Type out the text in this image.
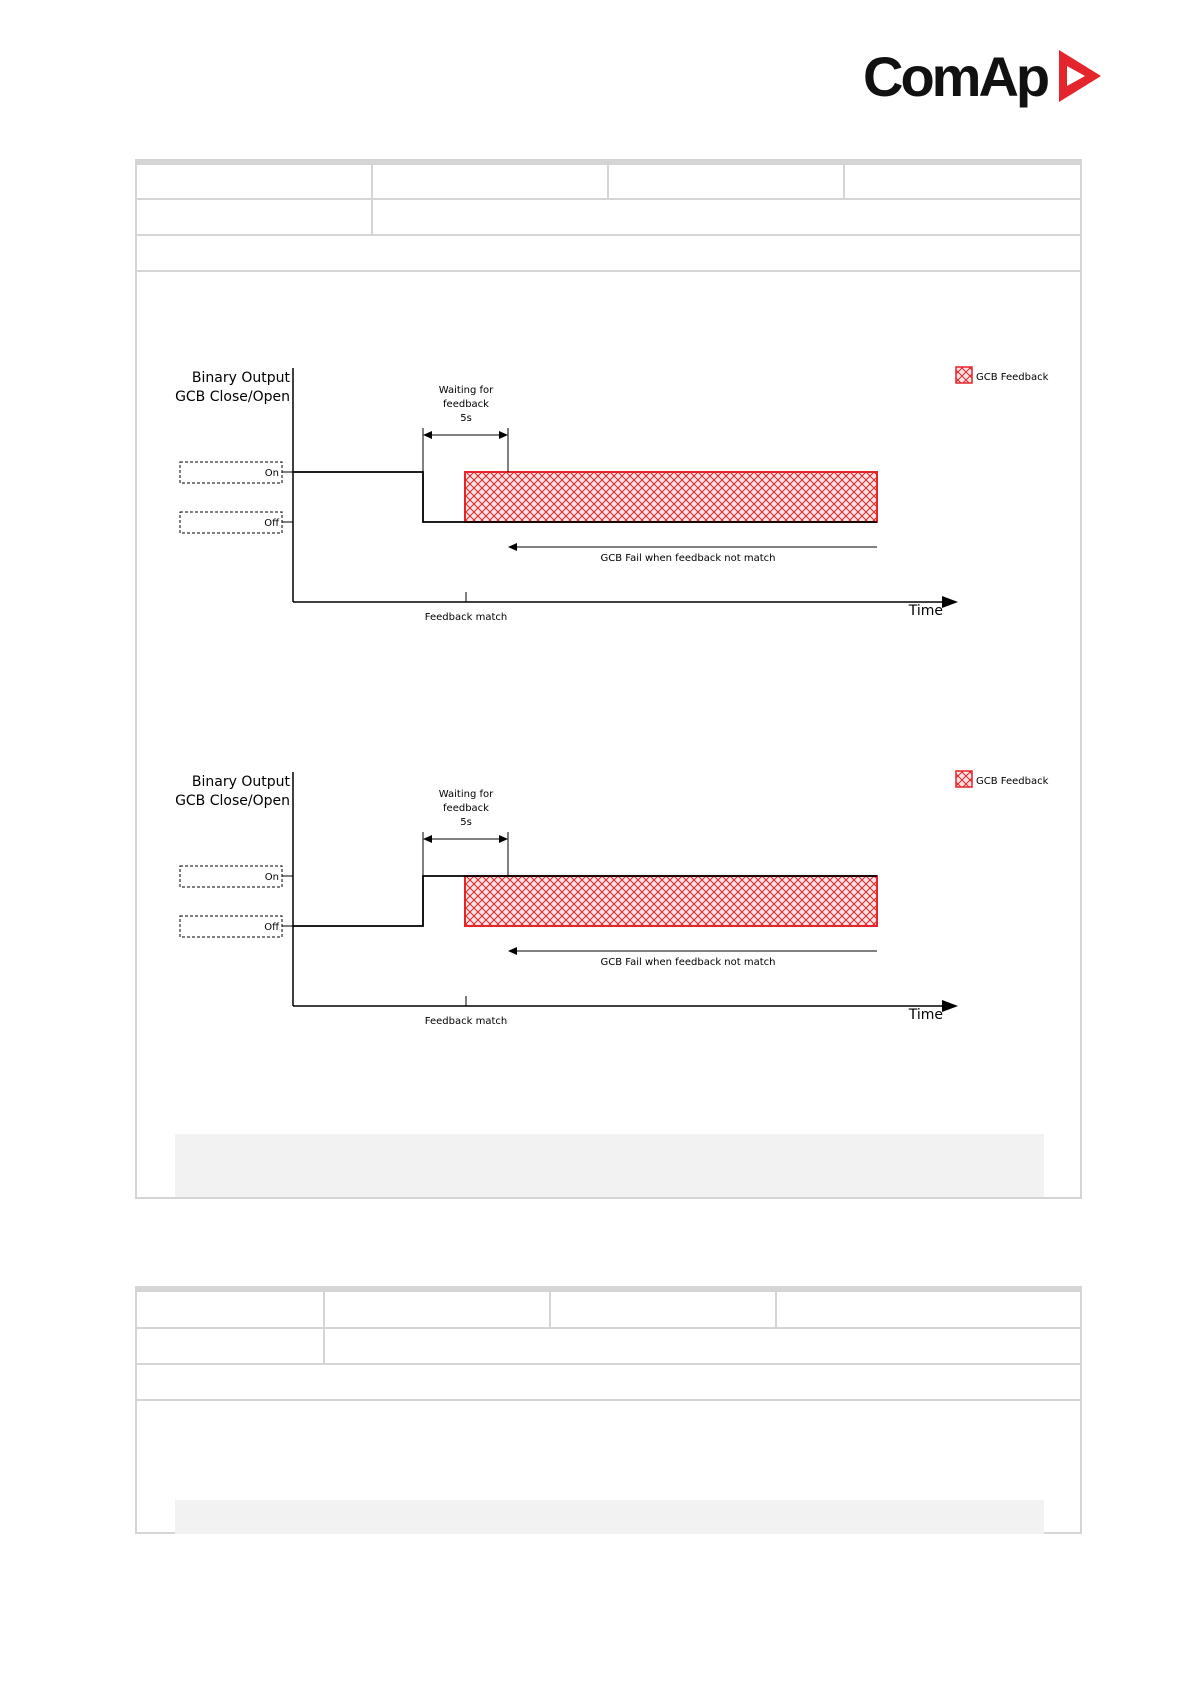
ComAp
Binary Output
GCB Close/Open
On
Off
Waiting for
feedback
5s
GCB Fail when feedback not match
Feedback match	Time
GCB Feedback
Binary Output
GCB Close/Open
On
Off
Waiting for
feedback
5s
GCB Fail when feedback not match
Feedback match	Time
GCB Feedback
